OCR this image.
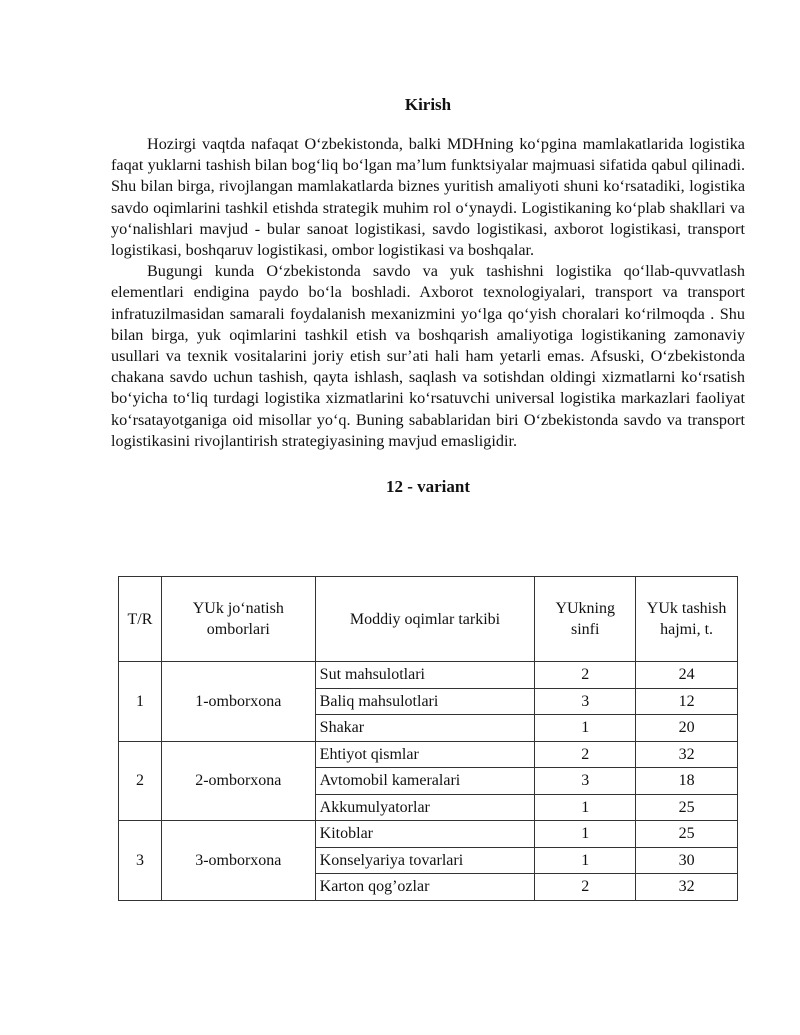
Kirish

Hozirgi vaqtda nafaqat O‘zbekistonda, balki MDHning ko‘pgina mamlakatlarida logistika faqat yuklarni tashish bilan bog‘liq bo‘lgan ma’lum funktsiyalar majmuasi sifatida qabul qilinadi. Shu bilan birga, rivojlangan mamlakatlarda biznes yuritish amaliyoti shuni ko‘rsatadiki, logistika savdo oqimlarini tashkil etishda strategik muhim rol o‘ynaydi. Logistikaning ko‘plab shakllari va yo‘nalishlari mavjud - bular sanoat logistikasi, savdo logistikasi, axborot logistikasi, transport logistikasi, boshqaruv logistikasi, ombor logistikasi va boshqalar.

Bugungi kunda O‘zbekistonda savdo va yuk tashishni logistika qo‘llab-quvvatlash elementlari endigina paydo bo‘la boshladi. Axborot texnologiyalari, transport va transport infratuzilmasidan samarali foydalanish mexanizmini yo‘lga qo‘yish choralari ko‘rilmoqda . Shu bilan birga, yuk oqimlarini tashkil etish va boshqarish amaliyotiga logistikaning zamonaviy usullari va texnik vositalarini joriy etish sur’ati hali ham yetarli emas. Afsuski, O‘zbekistonda chakana savdo uchun tashish, qayta ishlash, saqlash va sotishdan oldingi xizmatlarni ko‘rsatish bo‘yicha to‘liq turdagi logistika xizmatlarini ko‘rsatuvchi universal logistika markazlari faoliyat ko‘rsatayotganiga oid misollar yo‘q. Buning sabablaridan biri O‘zbekistonda savdo va transport logistikasini rivojlantirish strategiyasining mavjud emasligidir.

12 - variant
T/R	YUk jo‘natish omborlari	Moddiy oqimlar tarkibi	YUkning sinfi	YUk tashish hajmi, t.
1	1-omborxona	Sut mahsulotlari	2	24
		Baliq mahsulotlari	3	12
		Shakar	1	20
2	2-omborxona	Ehtiyot qismlar	2	32
		Avtomobil kameralari	3	18
		Akkumulyatorlar	1	25
3	3-omborxona	Kitoblar	1	25
		Konselyariya tovarlari	1	30
		Karton qog’ozlar	2	32
